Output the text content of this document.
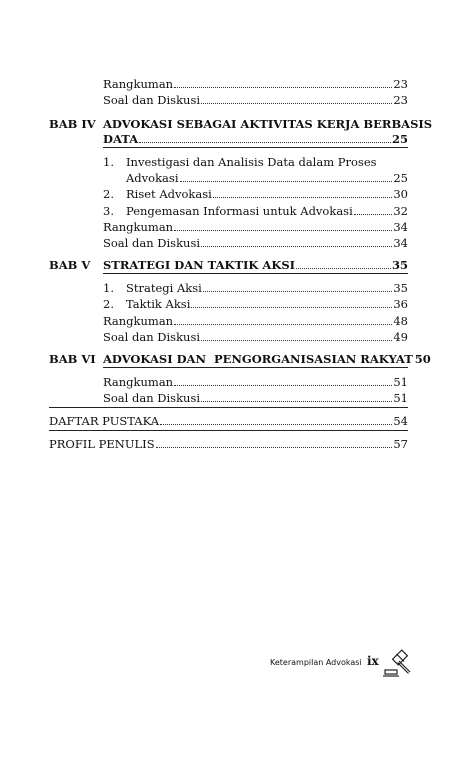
Rangkuman	23
Soal dan Diskusi	23
BAB IV ADVOKASI SEBAGAI AKTIVITAS KERJA BERBASIS
DATA	25
1. Investigasi dan Analisis Data dalam Proses
Advokasi	25
2. Riset Advokasi	30
3. Pengemasan Informasi untuk Advokasi	32
Rangkuman	34
Soal dan Diskusi	34
BAB V STRATEGI DAN TAKTIK AKSI	35
1. Strategi Aksi	35
2. Taktik Aksi	36
Rangkuman	48
Soal dan Diskusi	49
BAB VI ADVOKASI DAN  PENGORGANISASIAN RAKYAT 50
Rangkuman	51
Soal dan Diskusi	51
DAFTAR PUSTAKA	54
PROFIL PENULIS	57
Keterampilan Advokasi ix
